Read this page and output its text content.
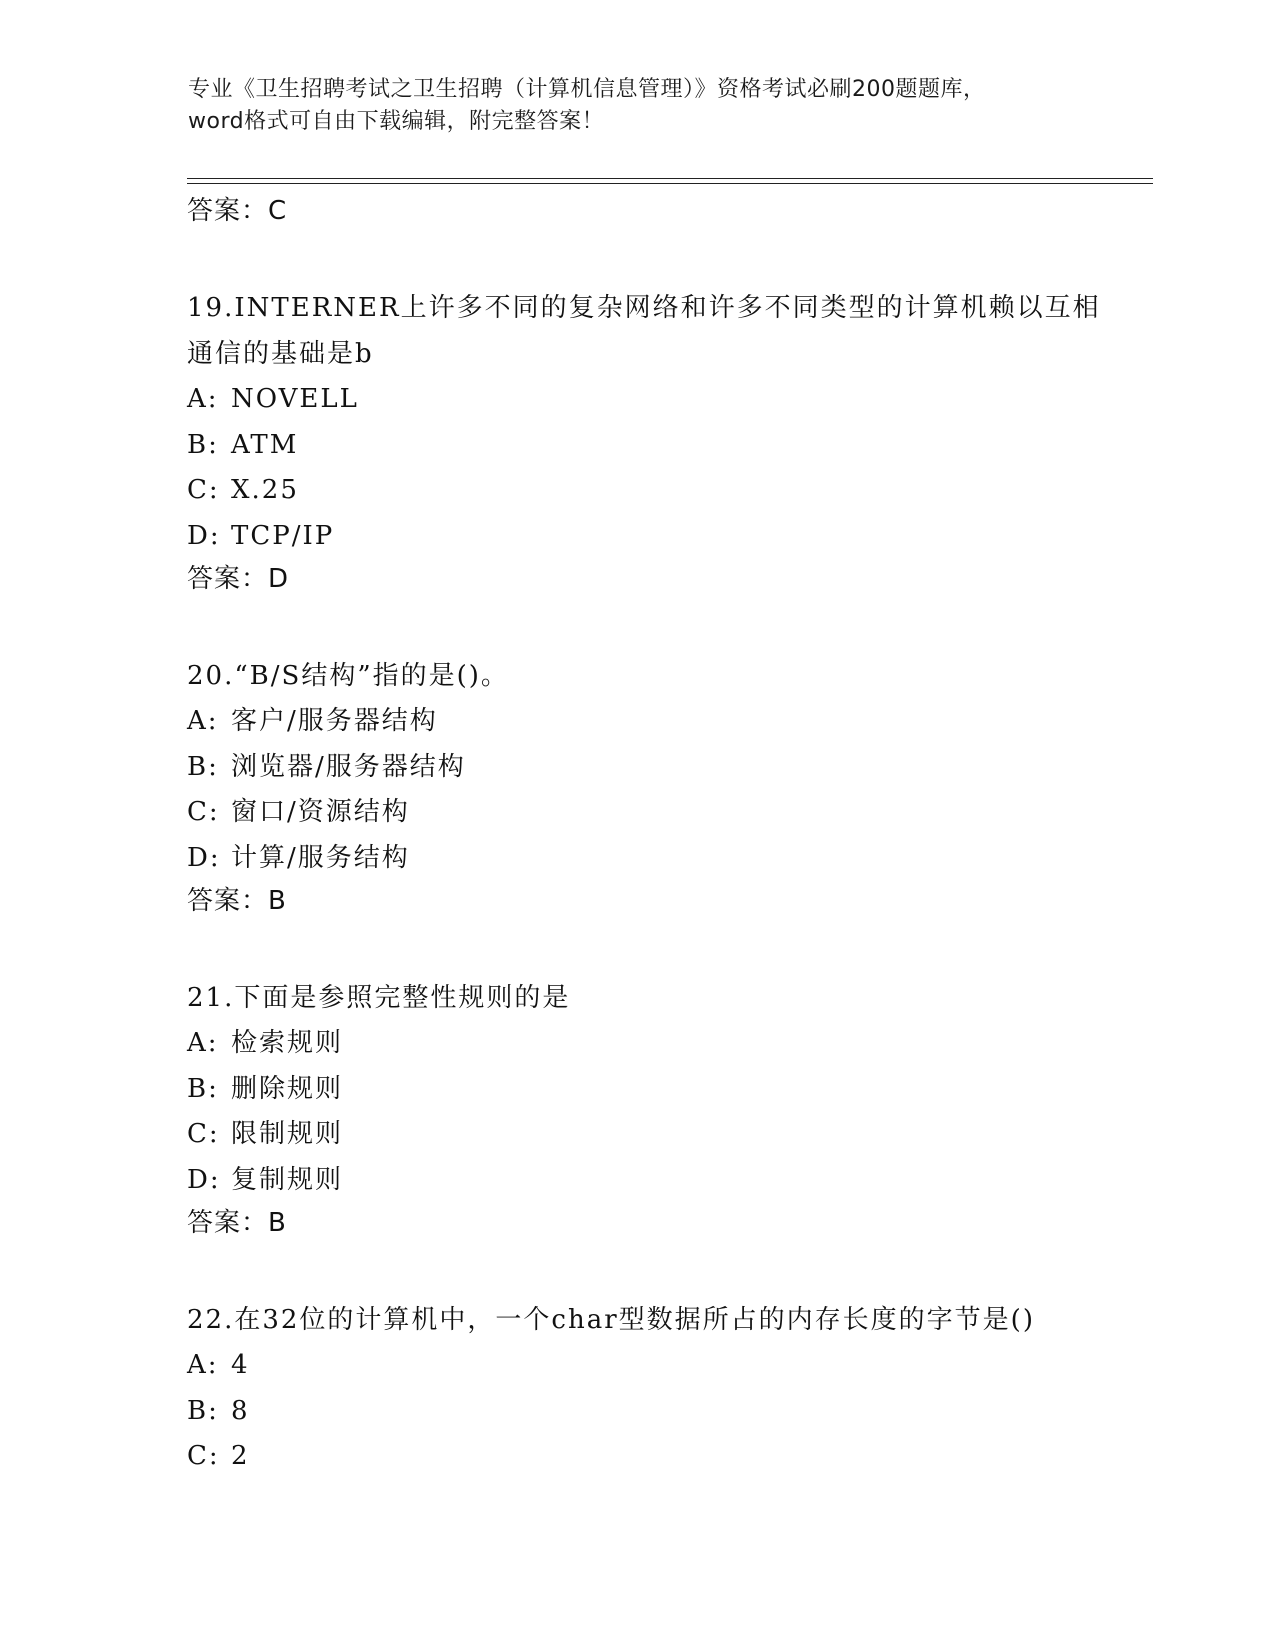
专业《卫生招聘考试之卫生招聘（计算机信息管理）》资格考试必刷200题题库，
word格式可自由下载编辑，附完整答案！
答案：C
19.INTERNER上许多不同的复杂网络和许多不同类型的计算机赖以互相
通信的基础是b
A: NOVELL
B: ATM
C: X.25
D: TCP/IP
答案：D
20.“B/S结构”指的是()。
A: 客户/服务器结构
B: 浏览器/服务器结构
C: 窗口/资源结构
D: 计算/服务结构
答案：B
21.下面是参照完整性规则的是
A: 检索规则
B: 删除规则
C: 限制规则
D: 复制规则
答案：B
22.在32位的计算机中，一个char型数据所占的内存长度的字节是()
A: 4
B: 8
C: 2
